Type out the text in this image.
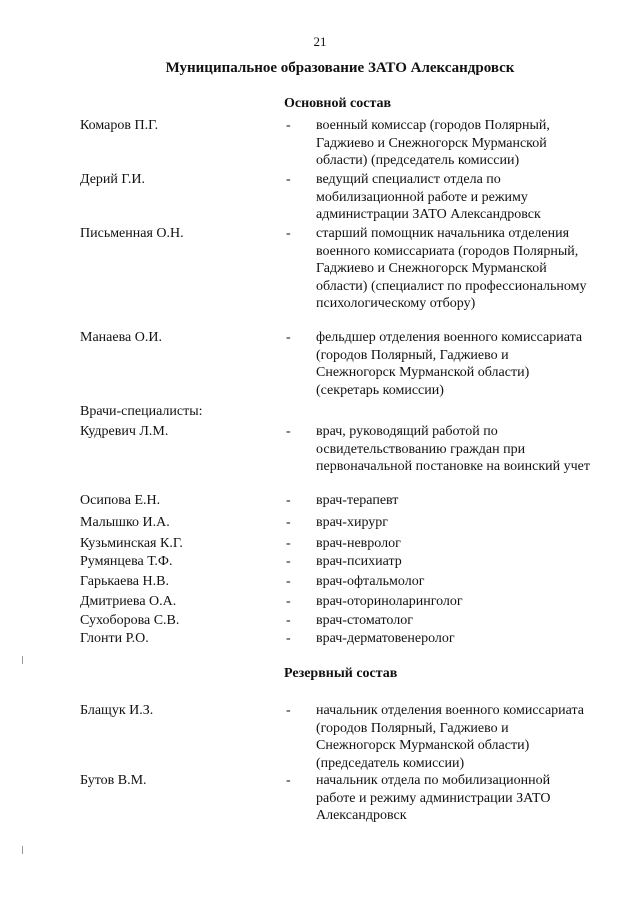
21
Муниципальное образование ЗАТО Александровск
Основной состав
Комаров П.Г.	- военный комиссар (городов Полярный, Гаджиево и Снежногорск Мурманской области) (председатель комиссии)
Дерий Г.И.	- ведущий специалист отдела по мобилизационной работе и режиму администрации ЗАТО Александровск
Письменная О.Н.	- старший помощник начальника отделения военного комиссариата (городов Полярный, Гаджиево и Снежногорск Мурманской области) (специалист по профессиональному психологическому отбору)
Манаева О.И.	- фельдшер отделения военного комиссариата (городов Полярный, Гаджиево и Снежногорск Мурманской области) (секретарь комиссии)
Врачи-специалисты:
Кудревич Л.М.	- врач, руководящий работой по освидетельствованию граждан при первоначальной постановке на воинский учет
Осипова Е.Н.	- врач-терапевт
Малышко И.А.	- врач-хирург
Кузьминская К.Г.	- врач-невролог
Румянцева Т.Ф.	- врач-психиатр
Гарькаева Н.В.	- врач-офтальмолог
Дмитриева О.А.	- врач-оториноларинголог
Сухоборова С.В.	- врач-стоматолог
Глонти Р.О.	- врач-дерматовенеролог
Резервный состав
Блащук И.З.	- начальник отделения военного комиссариата (городов Полярный, Гаджиево и Снежногорск Мурманской области) (председатель комиссии)
Бутов В.М.	- начальник отдела по мобилизационной работе и режиму администрации ЗАТО Александровск
